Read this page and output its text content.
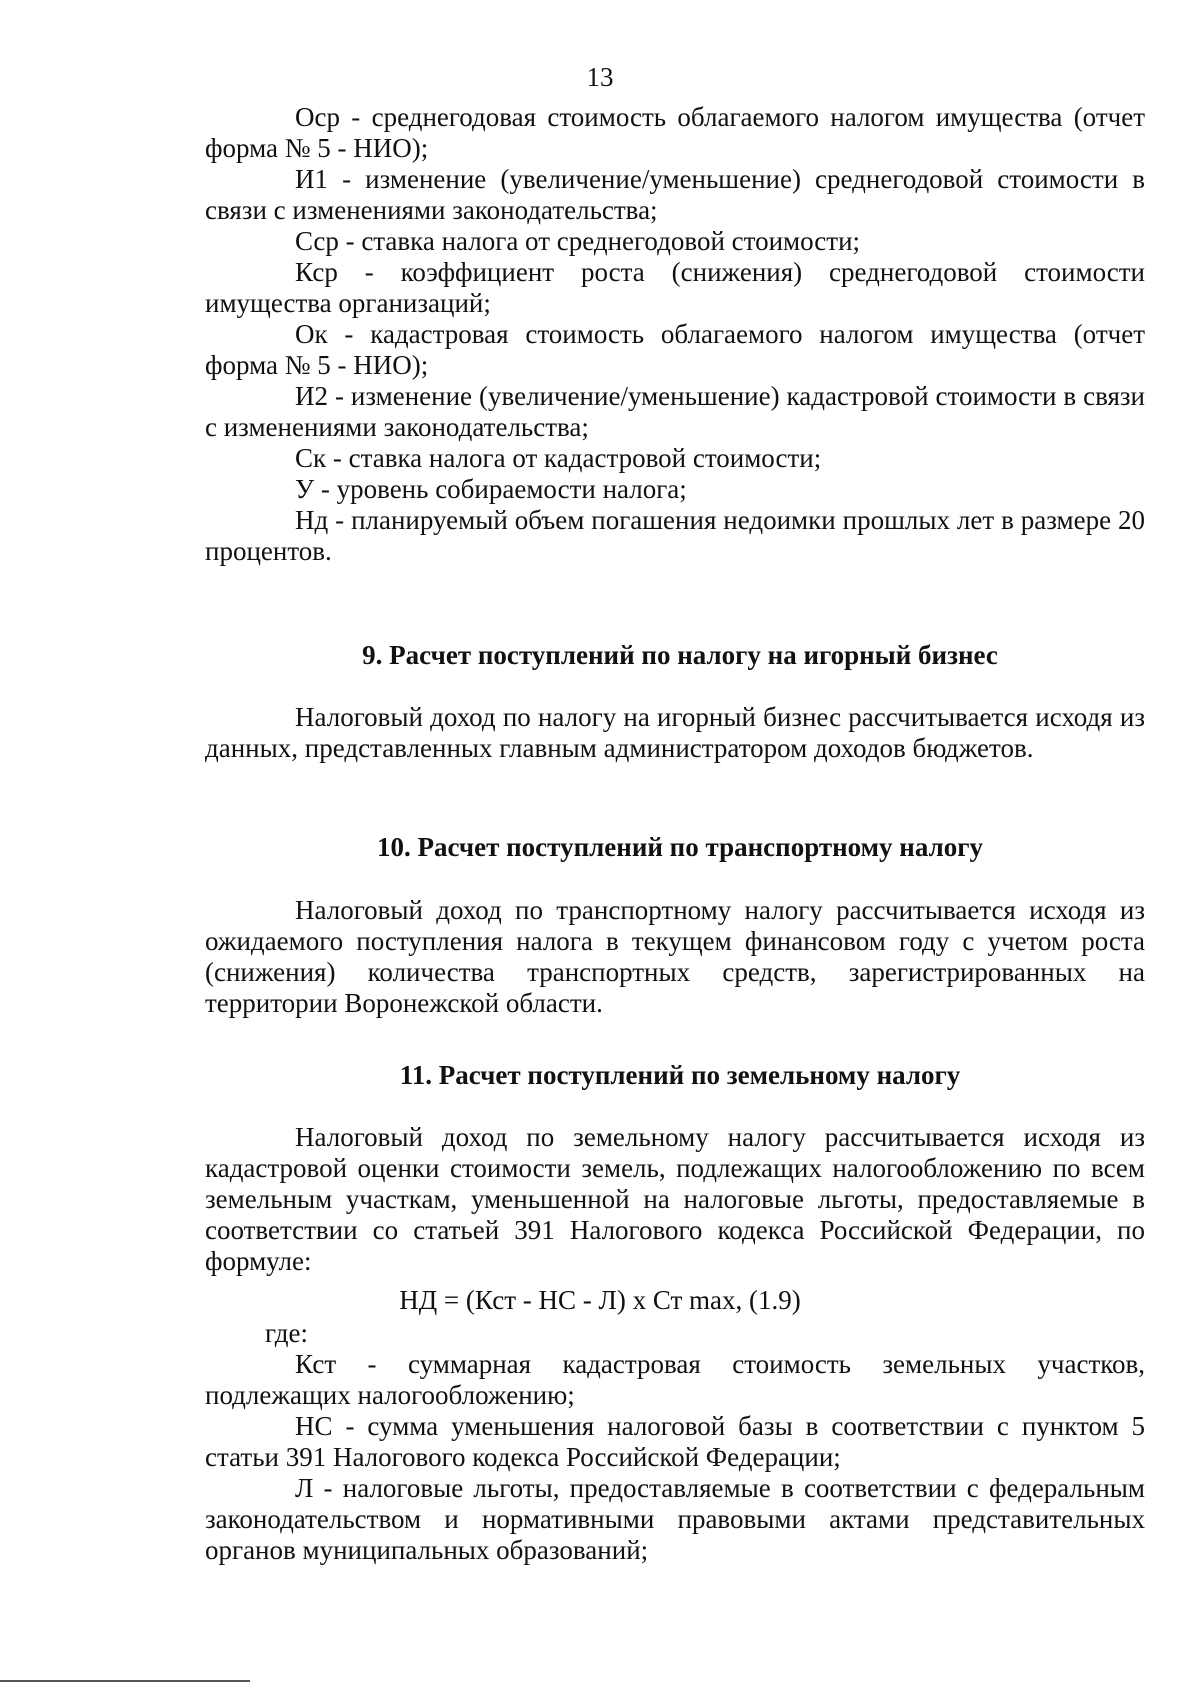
13

Оср - среднегодовая стоимость облагаемого налогом имущества (отчет форма № 5 - НИО);

И1 - изменение (увеличение/уменьшение) среднегодовой стоимости в связи с изменениями законодательства;

Сср - ставка налога от среднегодовой стоимости;

Кср - коэффициент роста (снижения) среднегодовой стоимости имущества организаций;

Ок - кадастровая стоимость облагаемого налогом имущества (отчет форма № 5 - НИО);

И2 - изменение (увеличение/уменьшение) кадастровой стоимости в связи с изменениями законодательства;

Ск - ставка налога от кадастровой стоимости;

У - уровень собираемости налога;

Нд - планируемый объем погашения недоимки прошлых лет в размере 20 процентов.

9. Расчет поступлений по налогу на игорный бизнес

Налоговый доход по налогу на игорный бизнес рассчитывается исходя из данных, представленных главным администратором доходов бюджетов.

10. Расчет поступлений по транспортному налогу

Налоговый доход по транспортному налогу рассчитывается исходя из ожидаемого поступления налога в текущем финансовом году с учетом роста (снижения) количества транспортных средств, зарегистрированных на территории Воронежской области.

11. Расчет поступлений по земельному налогу

Налоговый доход по земельному налогу рассчитывается исходя из кадастровой оценки стоимости земель, подлежащих налогообложению по всем земельным участкам, уменьшенной на налоговые льготы, предоставляемые в соответствии со статьей 391 Налогового кодекса Российской Федерации, по формуле:

НД = (Кст - НС - Л) х Ст max, (1.9)

где:

Кст - суммарная кадастровая стоимость земельных участков, подлежащих налогообложению;

НС - сумма уменьшения налоговой базы в соответствии с пунктом 5 статьи 391 Налогового кодекса Российской Федерации;

Л - налоговые льготы, предоставляемые в соответствии с федеральным законодательством и нормативными правовыми актами представительных органов муниципальных образований;
